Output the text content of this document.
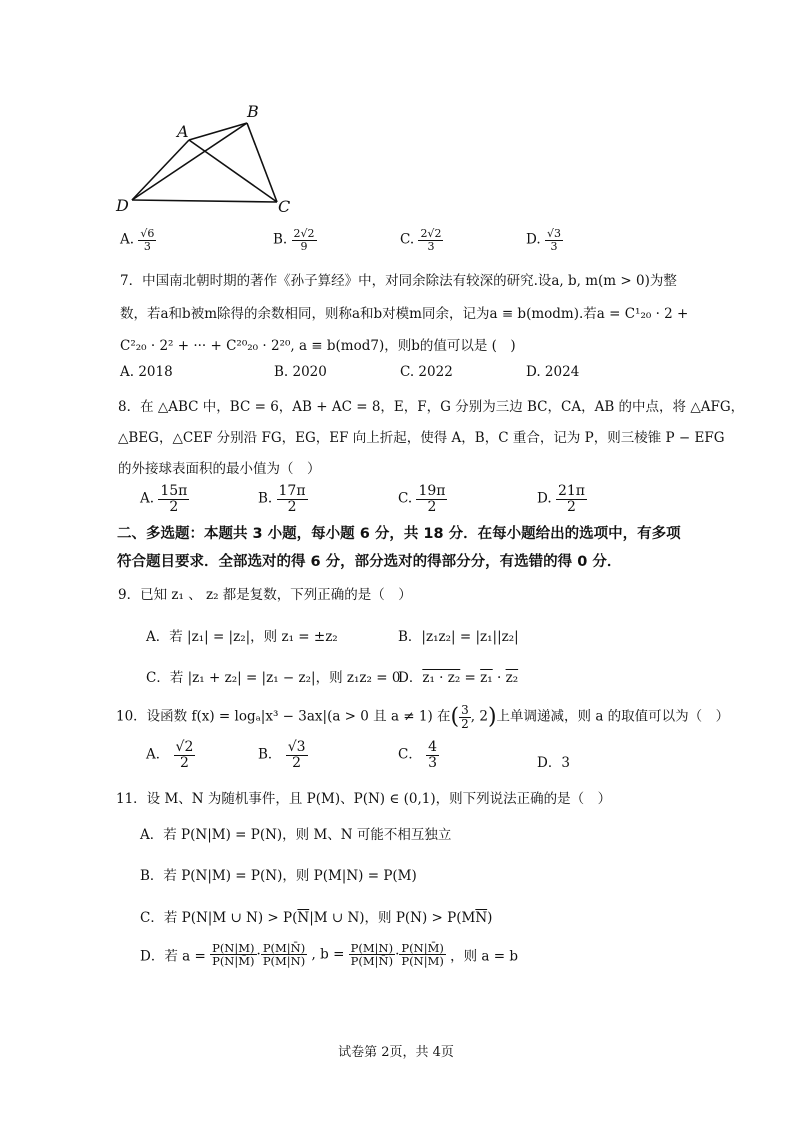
A
B
C
D
A. $\frac{√6}{3}$	B. $\frac{2√2}{9}$	C. $\frac{2√2}{3}$	D. $\frac{√3}{3}$
7．中国南北朝时期的著作《孙子算经》中，对同余除法有较深的研究.设a, b, m(m > 0)为整
数，若a和b被m除得的余数相同，则称a和b对模m同余，记为a ≡ b(modm).若a = C¹₂₀ · 2 +
C²₂₀ · 2² + ··· + C²⁰₂₀ · 2²⁰, a ≡ b(mod7)，则b的值可以是 (　)
A. 2018	B. 2020	C. 2022	D. 2024
8．在 △ABC 中，BC = 6，AB + AC = 8，E，F，G 分别为三边 BC，CA，AB 的中点，将 △AFG，
△BEG，△CEF 分别沿 FG，EG，EF 向上折起，使得 A，B，C 重合，记为 P，则三棱锥 P − EFG
的外接球表面积的最小值为（　）
A. $\frac{15\pi}{2}$	B. $\frac{17\pi}{2}$	C. $\frac{19\pi}{2}$	D. $\frac{21\pi}{2}$
二、多选题：本题共 3 小题，每小题 6 分，共 18 分．在每小题给出的选项中，有多项
符合题目要求．全部选对的得 6 分，部分选对的得部分分，有选错的得 0 分．
9．已知 z₁ 、 z₂ 都是复数，下列正确的是（　）
A．若 |z₁| = |z₂|，则 z₁ = ±z₂	B．|z₁z₂| = |z₁||z₂|
C．若 |z₁ + z₂| = |z₁ − z₂|，则 z₁z₂ = 0
D．z₁ · z₂ = z₁ · z₂
10．设函数 f(x) = logₐ|x³ − 3ax|(a > 0 且 a ≠ 1) 在( $\frac{3}{2}$ , 2)上单调递减，则 a 的取值可以为（　）
A． $\frac{√2}{2}$	B． $\frac{√3}{2}$	C． $\frac{4}{3}$	D．3
11．设 M、N 为随机事件，且 P(M)、P(N) ∈ (0,1)，则下列说法正确的是（　）
A．若 P(N|M) = P(N)，则 M、N 可能不相互独立
B．若 P(N|M) = P(N)，则 P(M|N) = P(M)
C．若 P(N|M ∪ $N) > P(\overline{N}|M$ ∪ N)，则 $P(N) > P(M\overline{N})$
D．若 $a = \frac{P(N|M)}{P(N|M̄)} \cdot \frac{P(M|N̄)}{P(M|N)}$ , $b = \frac{P(M|N)}{P(M|N̄)} \cdot \frac{P(N|M̄)}{P(N|M)}$ ，则 a = b
试卷第 2页，共 4页
